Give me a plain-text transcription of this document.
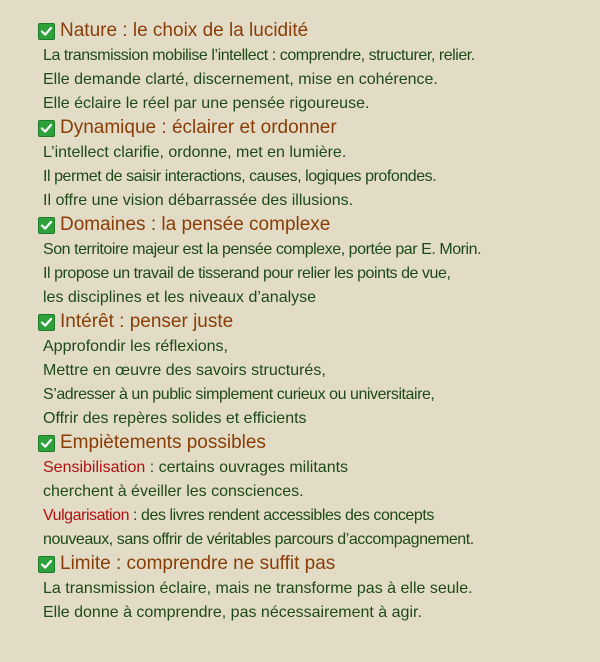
Nature : le choix de la lucidité
La transmission mobilise l’intellect : comprendre, structurer, relier.
Elle demande clarté, discernement, mise en cohérence.
Elle éclaire le réel par une pensée rigoureuse.
Dynamique : éclairer et ordonner
L’intellect clarifie, ordonne, met en lumière.
Il permet de saisir interactions, causes, logiques profondes.
Il offre une vision débarrassée des illusions.
Domaines : la pensée complexe
Son territoire majeur est la pensée complexe, portée par E. Morin.
Il propose un travail de tisserand pour relier les points de vue,
les disciplines et les niveaux d’analyse
Intérêt : penser juste
Approfondir les réflexions,
Mettre en œuvre des savoirs structurés,
S’adresser à un public simplement curieux ou universitaire,
Offrir des repères solides et efficients
Empiètements possibles
Sensibilisation : certains ouvrages militants
cherchent à éveiller les consciences.
Vulgarisation : des livres rendent accessibles des concepts
nouveaux, sans offrir de véritables parcours d’accompagnement.
Limite : comprendre ne suffit pas
La transmission éclaire, mais ne transforme pas à elle seule.
Elle donne à comprendre, pas nécessairement à agir.
